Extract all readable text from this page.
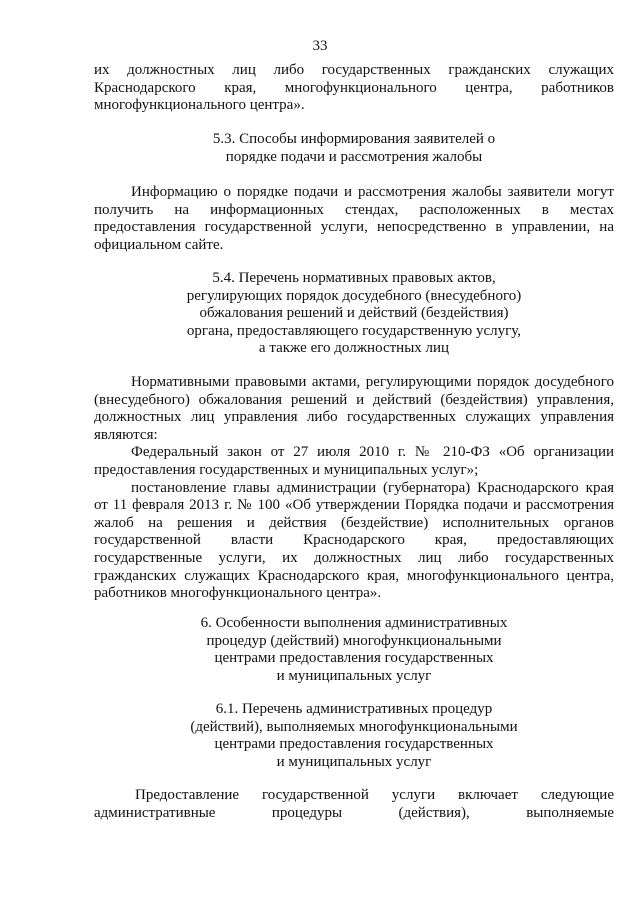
33
их должностных лиц либо государственных гражданских служащих
Краснодарского края, многофункционального центра, работников
многофункционального центра».
5.3. Способы информирования заявителей о
порядке подачи и рассмотрения жалобы
Информацию о порядке подачи и рассмотрения жалобы заявители могут
получить на информационных стендах, расположенных в местах
предоставления государственной услуги, непосредственно в управлении, на
официальном сайте.
5.4. Перечень нормативных правовых актов,
регулирующих порядок досудебного (внесудебного)
обжалования решений и действий (бездействия)
органа, предоставляющего государственную услугу,
а также его должностных лиц
Нормативными правовыми актами, регулирующими порядок досудебного
(внесудебного) обжалования решений и действий (бездействия) управления,
должностных лиц управления либо государственных служащих управления
являются:
Федеральный закон от 27 июля 2010 г. № 210-ФЗ «Об организации
предоставления государственных и муниципальных услуг»;
постановление главы администрации (губернатора) Краснодарского края
от 11 февраля 2013 г. № 100 «Об утверждении Порядка подачи и рассмотрения
жалоб на решения и действия (бездействие) исполнительных органов
государственной власти Краснодарского края, предоставляющих
государственные услуги, их должностных лиц либо государственных
гражданских служащих Краснодарского края, многофункционального центра,
работников многофункционального центра».
6. Особенности выполнения административных
процедур (действий) многофункциональными
центрами предоставления государственных
и муниципальных услуг
6.1. Перечень административных процедур
(действий), выполняемых многофункциональными
центрами предоставления государственных
и муниципальных услуг
Предоставление государственной услуги включает следующие
административные процедуры (действия), выполняемые
